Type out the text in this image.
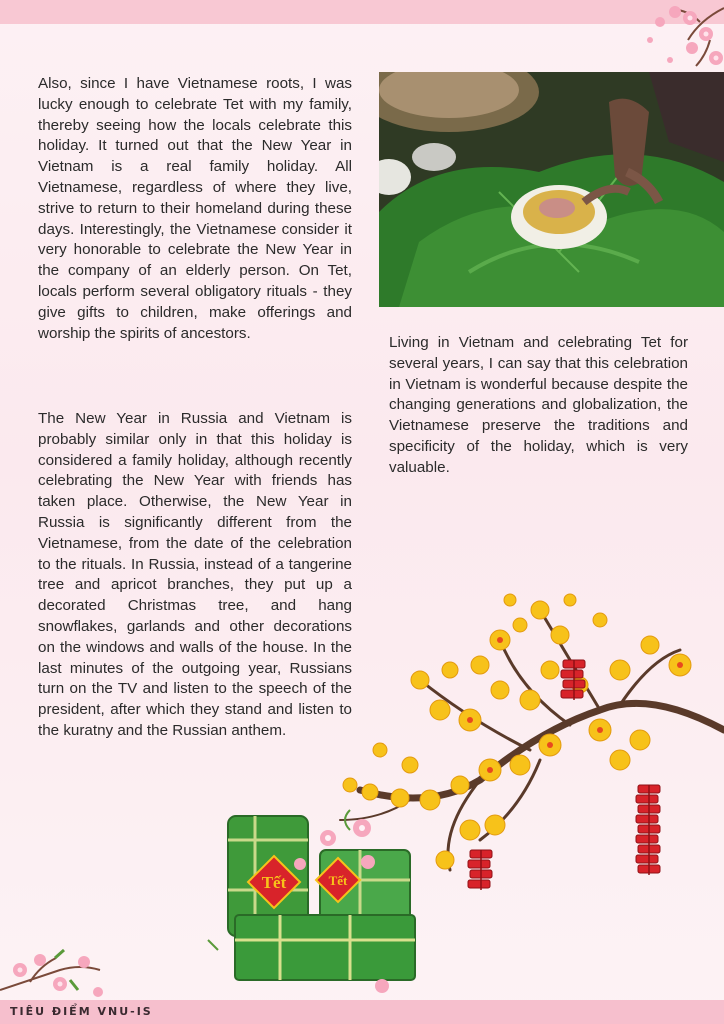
Also, since I have Vietnamese roots, I was lucky enough to celebrate Tet with my family, thereby seeing how the locals celebrate this holiday. It turned out that the New Year in Vietnam is a real family holiday. All Vietnamese, regardless of where they live, strive to return to their homeland during these days. Interestingly, the Vietnamese consider it very honorable to celebrate the New Year in the company of an elderly person. On Tet, locals perform several obligatory rituals - they give gifts to children, make offerings and worship the spirits of ancestors.

The New Year in Russia and Vietnam is probably similar only in that this holiday is considered a family holiday, although recently celebrating the New Year with friends has taken place. Otherwise, the New Year in Russia is significantly different from the Vietnamese, from the date of the celebration to the rituals. In Russia, instead of a tangerine tree and apricot branches, they put up a decorated Christmas tree, and hang snowflakes, garlands and other decorations on the windows and walls of the house. In the last minutes of the outgoing year, Russians turn on the TV and listen to the speech of the president, after which they stand and listen to the kuratny and the Russian anthem.

Living in Vietnam and celebrating Tet for several years, I can say that this celebration in Vietnam is wonderful because despite the changing generations and globalization, the Vietnamese preserve the traditions and specificity of the holiday, which is very valuable.

Tết	Tết
TIÊU ĐIỂM VNU-IS
